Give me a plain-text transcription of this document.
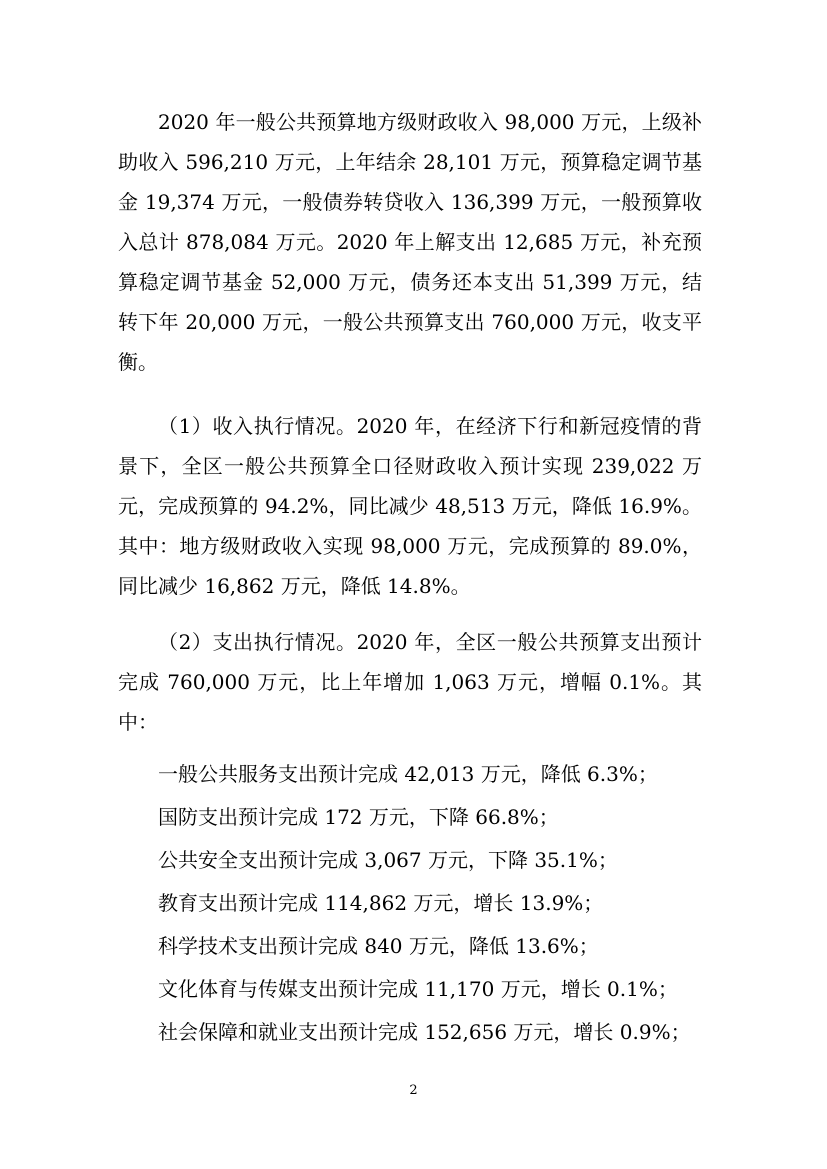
2020 年一般公共预算地方级财政收入 98,000 万元，上级补助收入 596,210 万元，上年结余 28,101 万元，预算稳定调节基金 19,374 万元，一般债券转贷收入 136,399 万元，一般预算收入总计 878,084 万元。2020 年上解支出 12,685 万元，补充预算稳定调节基金 52,000 万元，债务还本支出 51,399 万元，结转下年 20,000 万元，一般公共预算支出 760,000 万元，收支平衡。

（1）收入执行情况。2020 年，在经济下行和新冠疫情的背景下，全区一般公共预算全口径财政收入预计实现 239,022 万元，完成预算的 94.2%，同比减少 48,513 万元，降低 16.9%。其中：地方级财政收入实现 98,000 万元，完成预算的 89.0%，同比减少 16,862 万元，降低 14.8%。

（2）支出执行情况。2020 年，全区一般公共预算支出预计完成 760,000 万元，比上年增加 1,063 万元，增幅 0.1%。其中：

一般公共服务支出预计完成 42,013 万元，降低 6.3%；

国防支出预计完成 172 万元，下降 66.8%；

公共安全支出预计完成 3,067 万元，下降 35.1%；

教育支出预计完成 114,862 万元，增长 13.9%；

科学技术支出预计完成 840 万元，降低 13.6%；

文化体育与传媒支出预计完成 11,170 万元，增长 0.1%；

社会保障和就业支出预计完成 152,656 万元，增长 0.9%；

2
